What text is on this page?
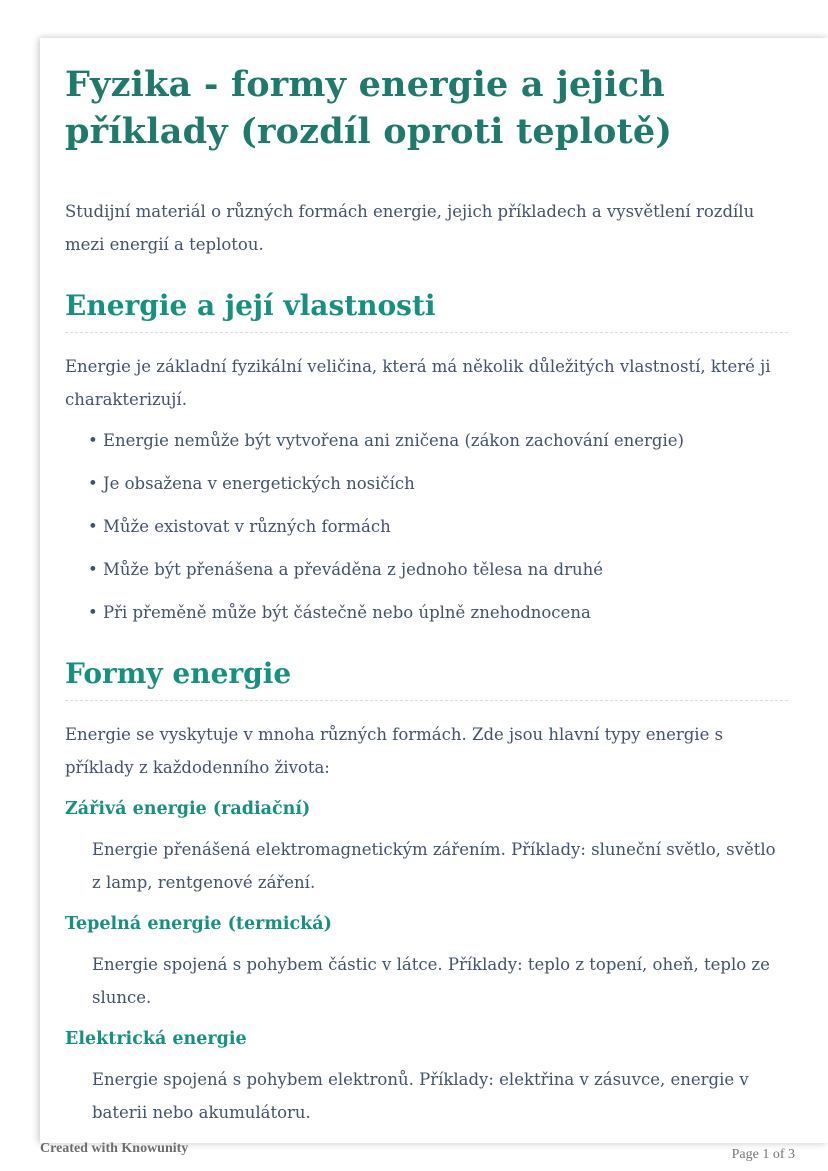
Fyzika - formy energie a jejich příklady (rozdíl oproti teplotě)

Studijní materiál o různých formách energie, jejich příkladech a vysvětlení rozdílu mezi energií a teplotou.

Energie a její vlastnosti

Energie je základní fyzikální veličina, která má několik důležitých vlastností, které ji charakterizují.

• Energie nemůže být vytvořena ani zničena (zákon zachování energie)
• Je obsažena v energetických nosičích
• Může existovat v různých formách
• Může být přenášena a převáděna z jednoho tělesa na druhé
• Při přeměně může být částečně nebo úplně znehodnocena
Formy energie

Energie se vyskytuje v mnoha různých formách. Zde jsou hlavní typy energie s příklady z každodenního života:

Zářivá energie (radiační)

Energie přenášená elektromagnetickým zářením. Příklady: sluneční světlo, světlo z lamp, rentgenové záření.

Tepelná energie (termická)

Energie spojená s pohybem částic v látce. Příklady: teplo z topení, oheň, teplo ze slunce.

Elektrická energie

Energie spojená s pohybem elektronů. Příklady: elektřina v zásuvce, energie v baterii nebo akumulátoru.

Created with Knowunity	Page 1 of 3
